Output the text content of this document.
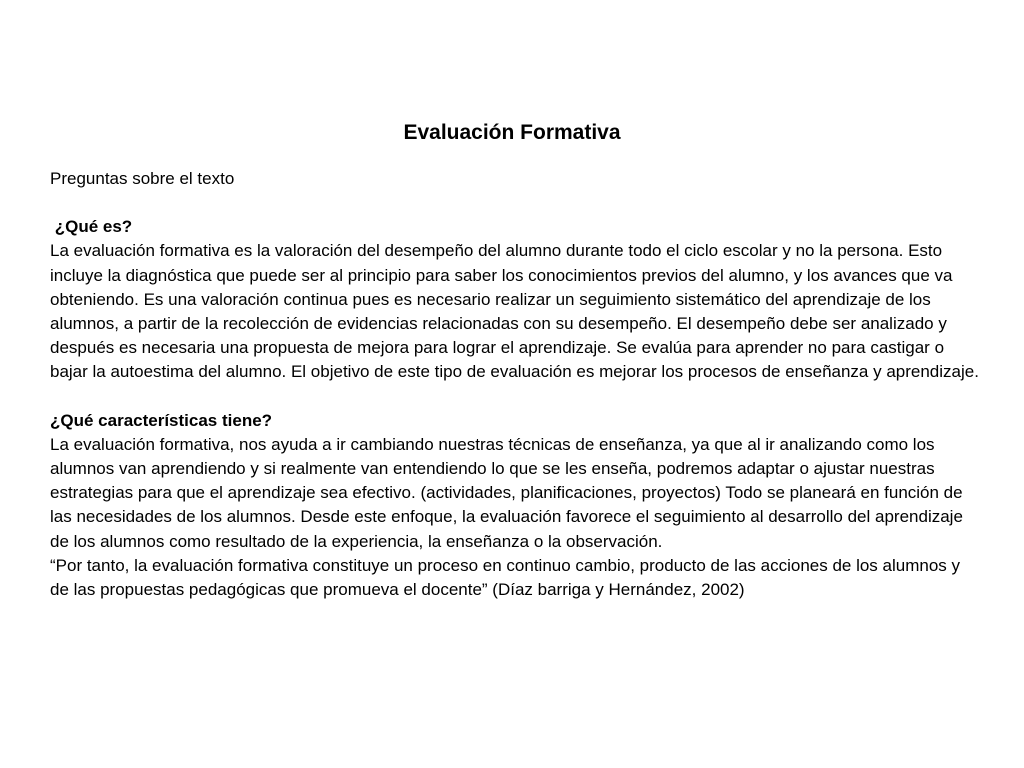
Evaluación Formativa

Preguntas sobre el texto

¿Qué es?

La evaluación formativa es la valoración del desempeño del alumno durante todo el ciclo escolar y no la persona. Esto incluye la diagnóstica que puede ser al principio para saber los conocimientos previos del alumno, y los avances que va obteniendo. Es una valoración continua pues es necesario realizar un seguimiento sistemático del aprendizaje de los alumnos, a partir de la recolección de evidencias relacionadas con su desempeño. El desempeño debe ser analizado y después es necesaria una propuesta de mejora para lograr el aprendizaje. Se evalúa para aprender no para castigar o bajar la autoestima del alumno. El objetivo de este tipo de evaluación es mejorar los procesos de enseñanza y aprendizaje.

¿Qué características tiene?

La evaluación formativa, nos ayuda a ir cambiando nuestras técnicas de enseñanza, ya que al ir analizando como los alumnos van aprendiendo y si realmente van entendiendo lo que se les enseña, podremos adaptar o ajustar nuestras estrategias para que el aprendizaje sea efectivo. (actividades, planificaciones, proyectos) Todo se planeará en función de las necesidades de los alumnos. Desde este enfoque, la evaluación favorece el seguimiento al desarrollo del aprendizaje de los alumnos como resultado de la experiencia, la enseñanza o la observación.

“Por tanto, la evaluación formativa constituye un proceso en continuo cambio, producto de las acciones de los alumnos y de las propuestas pedagógicas que promueva el docente” (Díaz barriga y Hernández, 2002)
